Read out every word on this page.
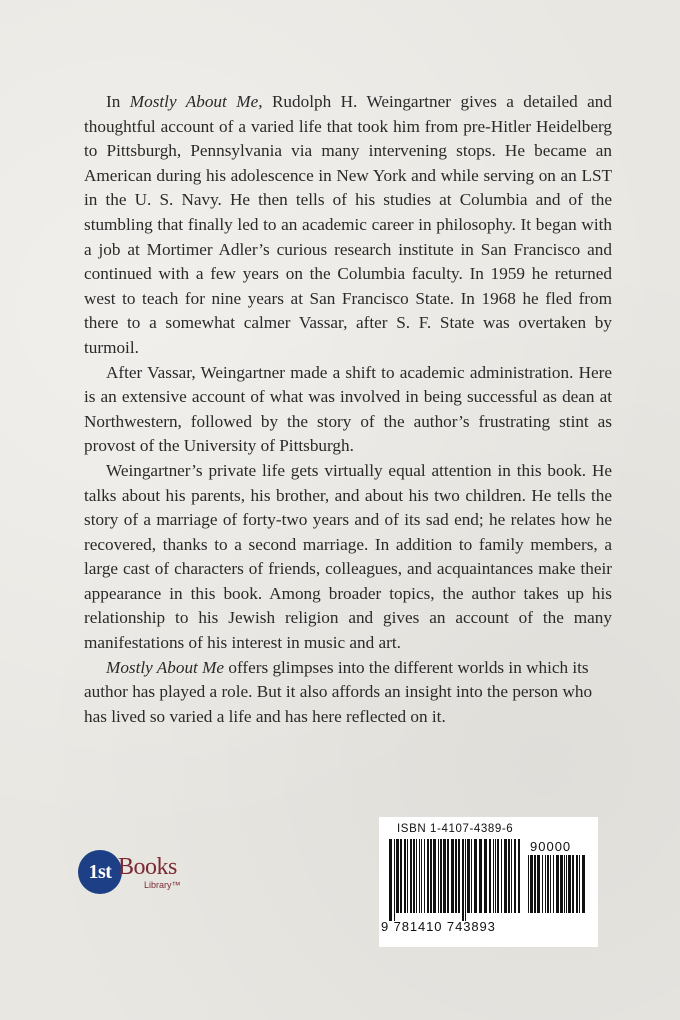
In Mostly About Me, Rudolph H. Weingartner gives a detailed and thoughtful account of a varied life that took him from pre-Hitler Heidelberg to Pittsburgh, Pennsylvania via many intervening stops. He became an American during his adolescence in New York and while serving on an LST in the U. S. Navy. He then tells of his studies at Columbia and of the stumbling that finally led to an academic career in philosophy. It began with a job at Mortimer Adler’s curious research institute in San Francisco and continued with a few years on the Columbia faculty. In 1959 he returned west to teach for nine years at San Francisco State. In 1968 he fled from there to a somewhat calmer Vassar, after S. F. State was overtaken by turmoil.

After Vassar, Weingartner made a shift to academic administration. Here is an extensive account of what was involved in being successful as dean at Northwestern, followed by the story of the author’s frustrating stint as provost of the University of Pittsburgh.

Weingartner’s private life gets virtually equal attention in this book. He talks about his parents, his brother, and about his two children. He tells the story of a marriage of forty-two years and of its sad end; he relates how he recovered, thanks to a second marriage. In addition to family members, a large cast of characters of friends, colleagues, and acquaintances make their appearance in this book. Among broader topics, the author takes up his relationship to his Jewish religion and gives an account of the many manifestations of his interest in music and art.

Mostly About Me offers glimpses into the different worlds in which its author has played a role. But it also affords an insight into the person who has lived so varied a life and has here reflected on it.

1st Books
Library™
ISBN 1-4107-4389-6
90000
9 781410 743893
